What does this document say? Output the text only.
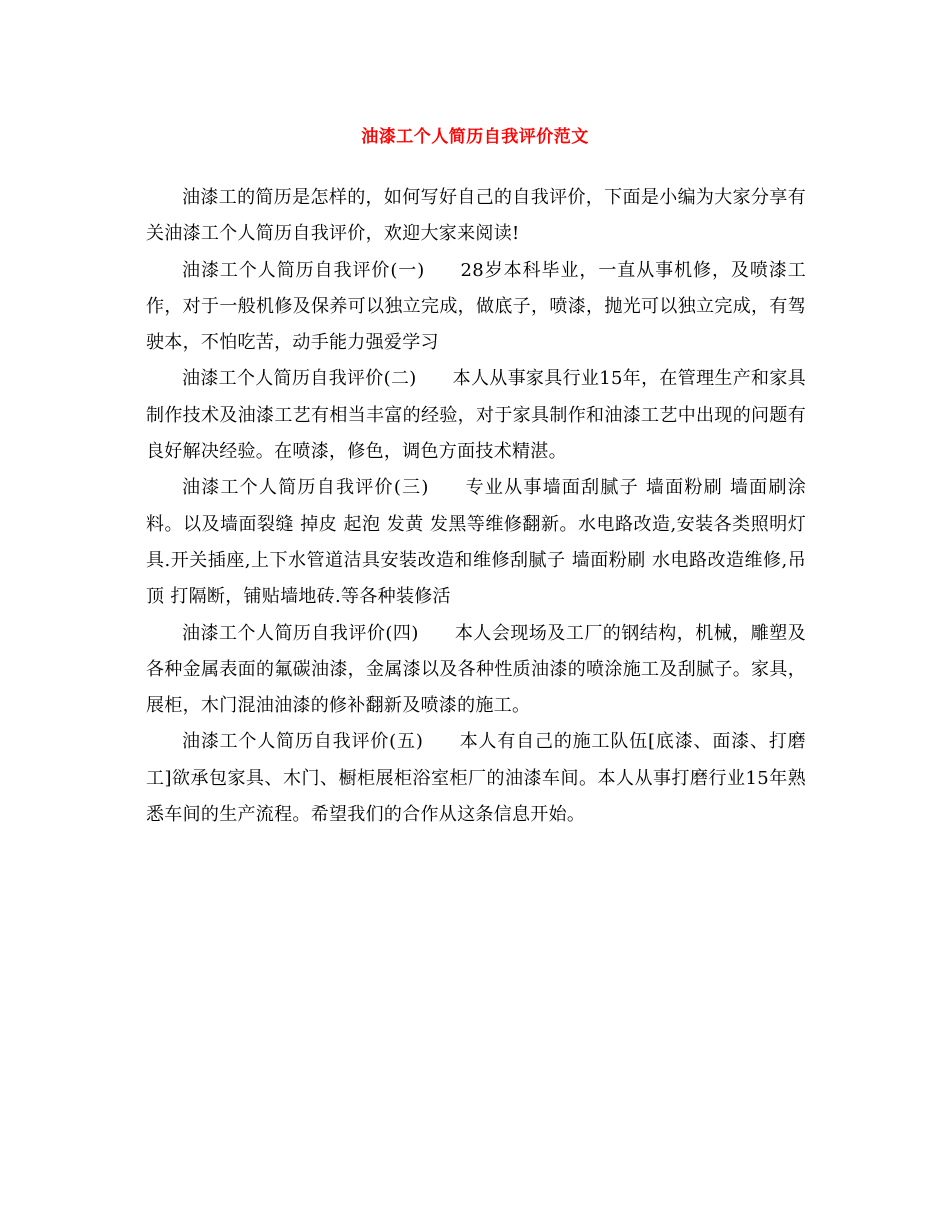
油漆工个人简历自我评价范文

油漆工的简历是怎样的，如何写好自己的自我评价，下面是小编为大家分享有关油漆工个人简历自我评价，欢迎大家来阅读!

油漆工个人简历自我评价(一) 28岁本科毕业，一直从事机修，及喷漆工作，对于一般机修及保养可以独立完成，做底子，喷漆，抛光可以独立完成，有驾驶本，不怕吃苦，动手能力强爱学习

油漆工个人简历自我评价(二) 本人从事家具行业15年，在管理生产和家具制作技术及油漆工艺有相当丰富的经验，对于家具制作和油漆工艺中出现的问题有良好解决经验。在喷漆，修色，调色方面技术精湛。

油漆工个人简历自我评价(三) 专业从事墙面刮腻子 墙面粉刷 墙面刷涂料。以及墙面裂缝 掉皮 起泡 发黄 发黑等维修翻新。水电路改造,安装各类照明灯具.开关插座,上下水管道洁具安装改造和维修刮腻子 墙面粉刷 水电路改造维修,吊顶 打隔断，铺贴墙地砖.等各种装修活

油漆工个人简历自我评价(四) 本人会现场及工厂的钢结构，机械，雕塑及各种金属表面的氟碳油漆，金属漆以及各种性质油漆的喷涂施工及刮腻子。家具，展柜，木门混油油漆的修补翻新及喷漆的施工。

油漆工个人简历自我评价(五) 本人有自己的施工队伍[底漆、面漆、打磨工]欲承包家具、木门、橱柜展柜浴室柜厂的油漆车间。本人从事打磨行业15年熟悉车间的生产流程。希望我们的合作从这条信息开始。
